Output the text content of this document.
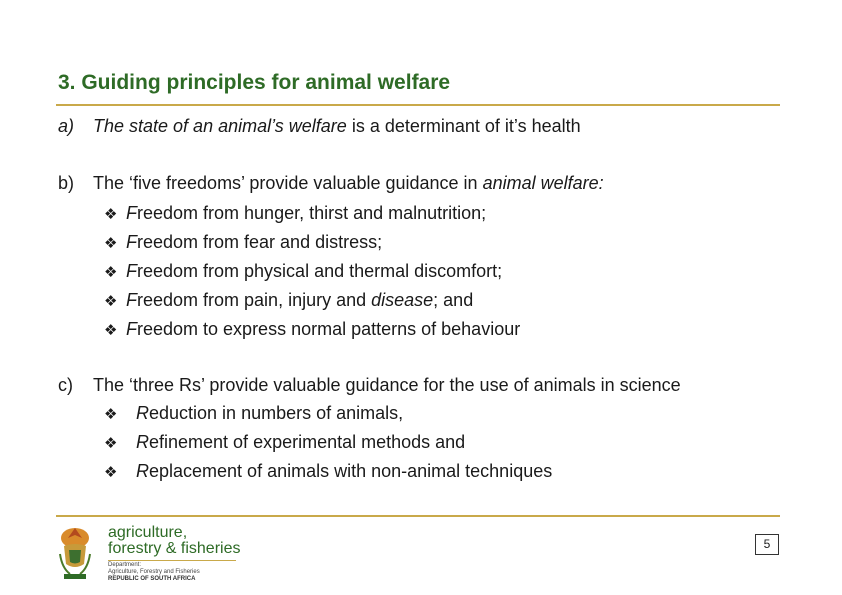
3. Guiding principles for animal welfare
a) The state of an animal’s welfare is a determinant of it’s health
b) The ‘five freedoms’ provide valuable guidance in animal welfare:
❖ Freedom from hunger, thirst and malnutrition;
❖ Freedom from fear and distress;
❖ Freedom from physical and thermal discomfort;
❖ Freedom from pain, injury and disease; and
❖ Freedom to express normal patterns of behaviour
c) The ‘three Rs’ provide valuable guidance for the use of animals in science
❖ Reduction in numbers of animals,
❖ Refinement of experimental methods and
❖ Replacement of animals with non-animal techniques
agriculture,
forestry & fisheries
Department:
Agriculture, Forestry and Fisheries
REPUBLIC OF SOUTH AFRICA
5
